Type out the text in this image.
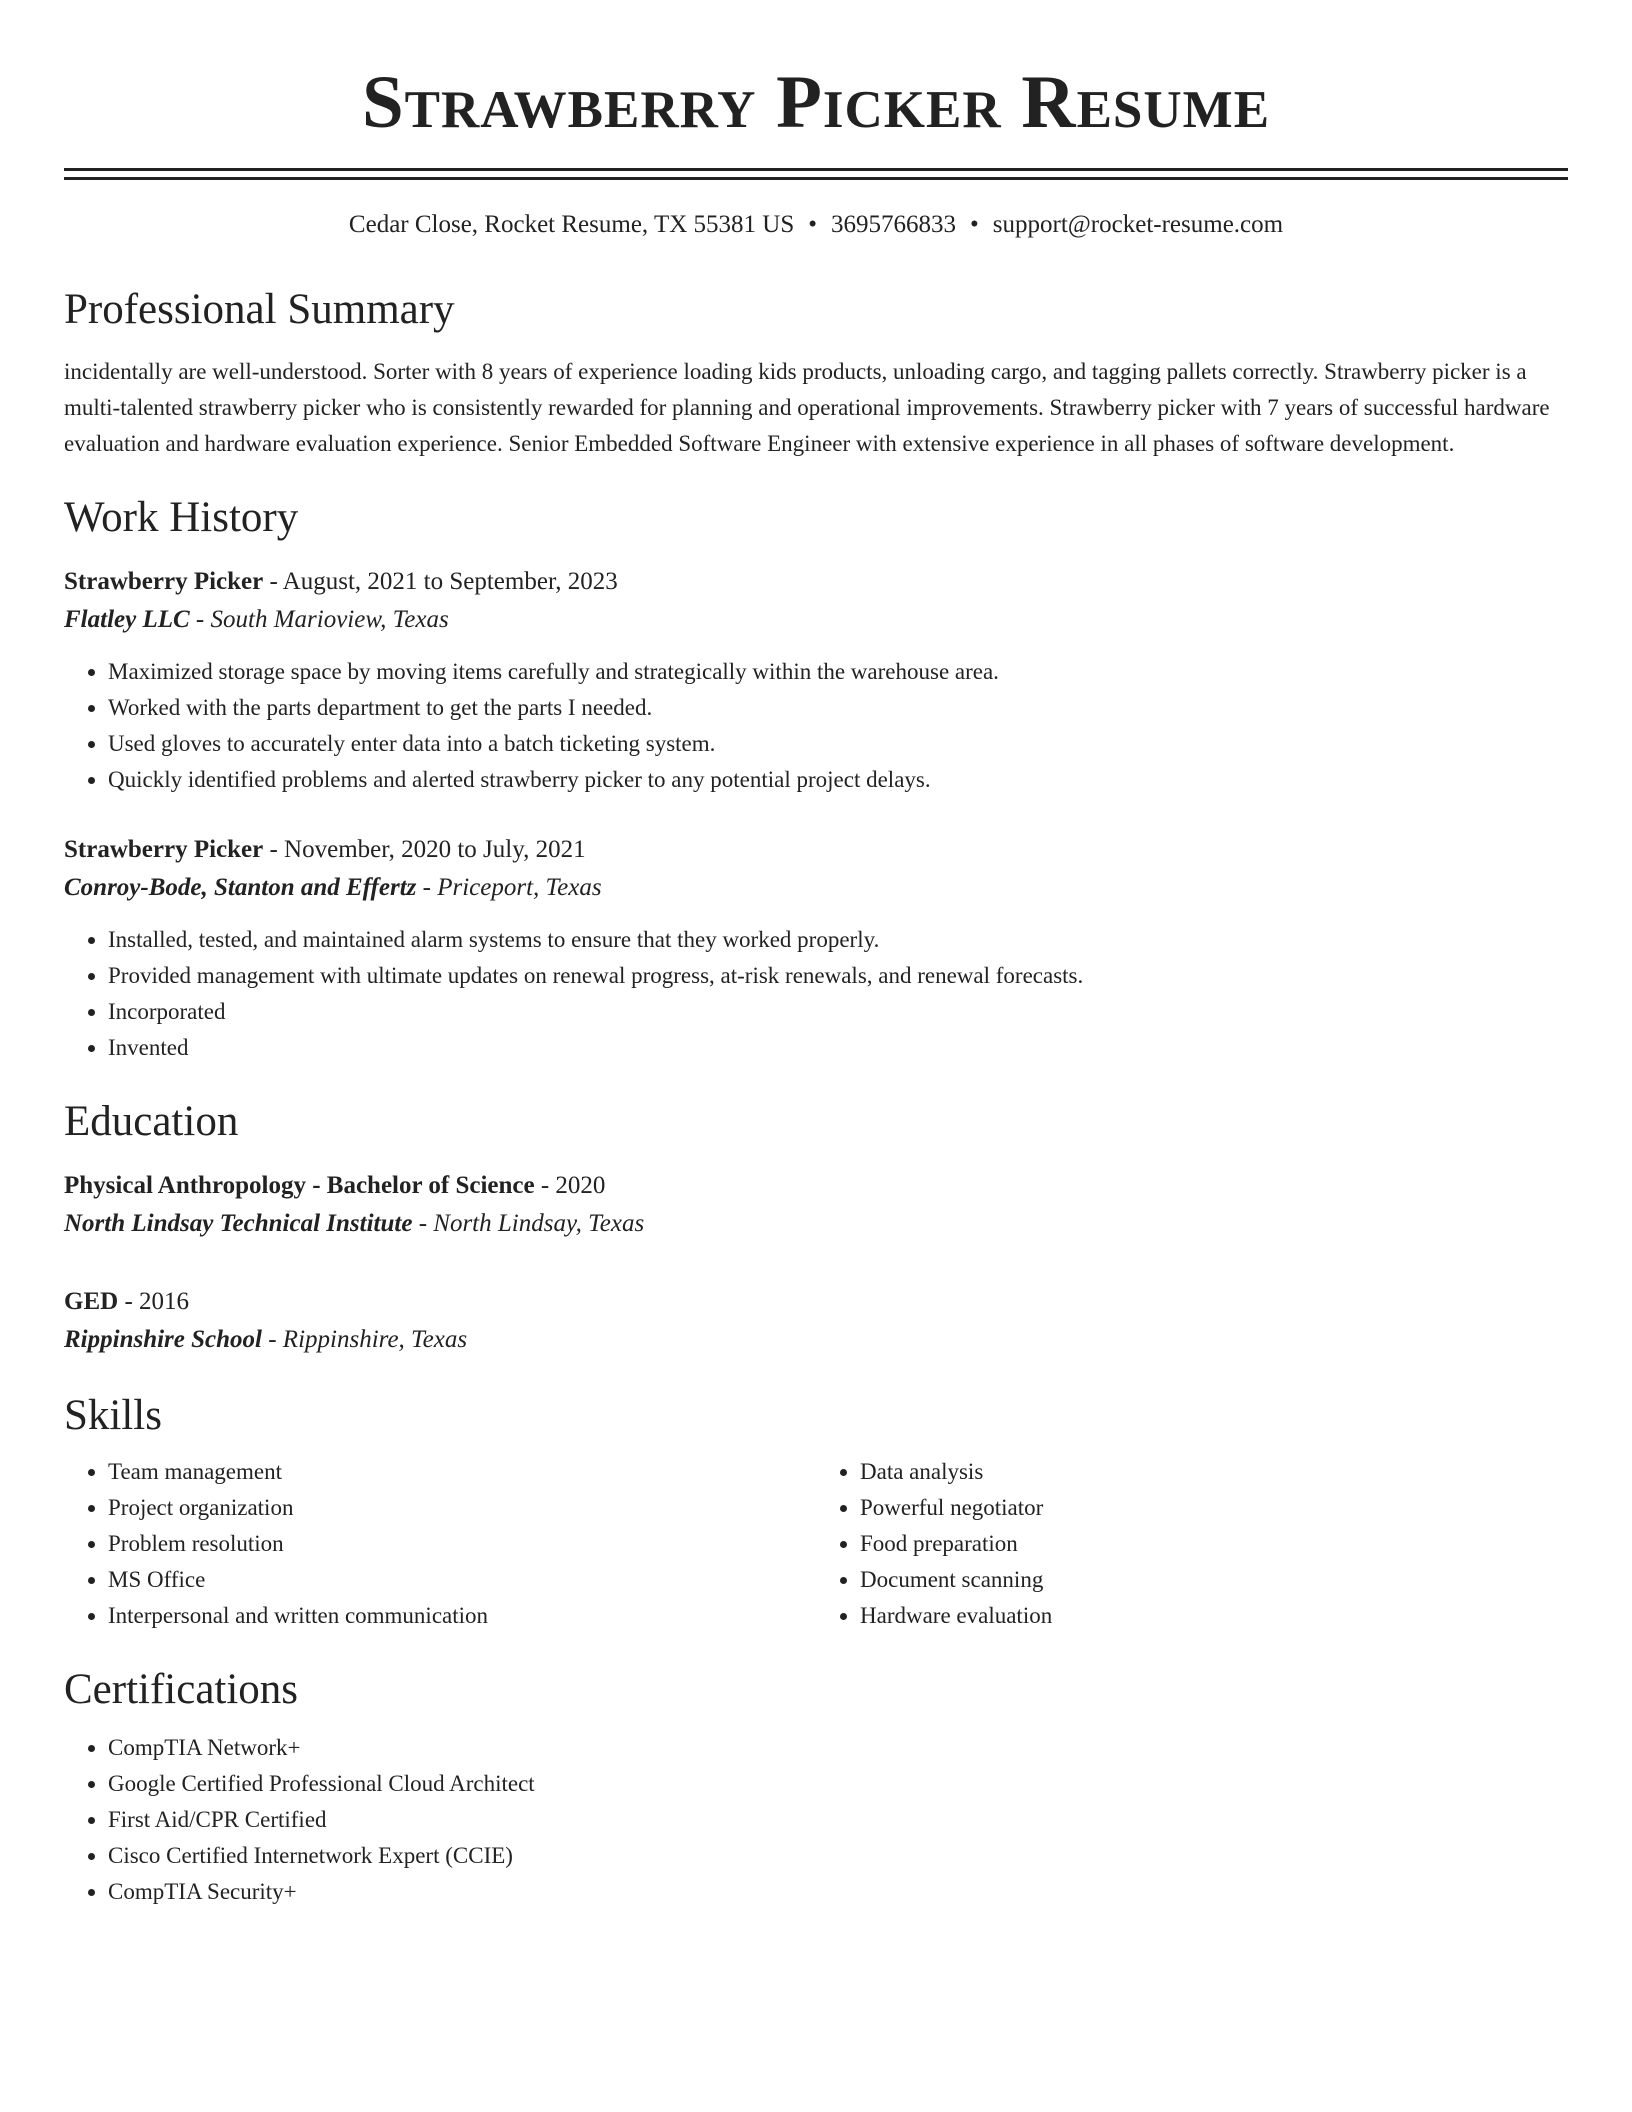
Strawberry Picker Resume
Cedar Close, Rocket Resume, TX 55381 US • 3695766833 • support@rocket-resume.com
Professional Summary

incidentally are well-understood. Sorter with 8 years of experience loading kids products, unloading cargo, and tagging pallets correctly. Strawberry picker is a multi-talented strawberry picker who is consistently rewarded for planning and operational improvements. Strawberry picker with 7 years of successful hardware evaluation and hardware evaluation experience. Senior Embedded Software Engineer with extensive experience in all phases of software development.

Work History
Strawberry Picker - August, 2021 to September, 2023
Flatley LLC - South Marioview, Texas
• Maximized storage space by moving items carefully and strategically within the warehouse area.
• Worked with the parts department to get the parts I needed.
• Used gloves to accurately enter data into a batch ticketing system.
• Quickly identified problems and alerted strawberry picker to any potential project delays.
Strawberry Picker - November, 2020 to July, 2021
Conroy-Bode, Stanton and Effertz - Priceport, Texas
• Installed, tested, and maintained alarm systems to ensure that they worked properly.
• Provided management with ultimate updates on renewal progress, at-risk renewals, and renewal forecasts.
• Incorporated
• Invented
Education
Physical Anthropology - Bachelor of Science - 2020
North Lindsay Technical Institute - North Lindsay, Texas
GED - 2016
Rippinshire School - Rippinshire, Texas
Skills
• Team management
• Project organization
• Problem resolution
• MS Office
• Interpersonal and written communication
• Data analysis
• Powerful negotiator
• Food preparation
• Document scanning
• Hardware evaluation
Certifications
• CompTIA Network+
• Google Certified Professional Cloud Architect
• First Aid/CPR Certified
• Cisco Certified Internetwork Expert (CCIE)
• CompTIA Security+
